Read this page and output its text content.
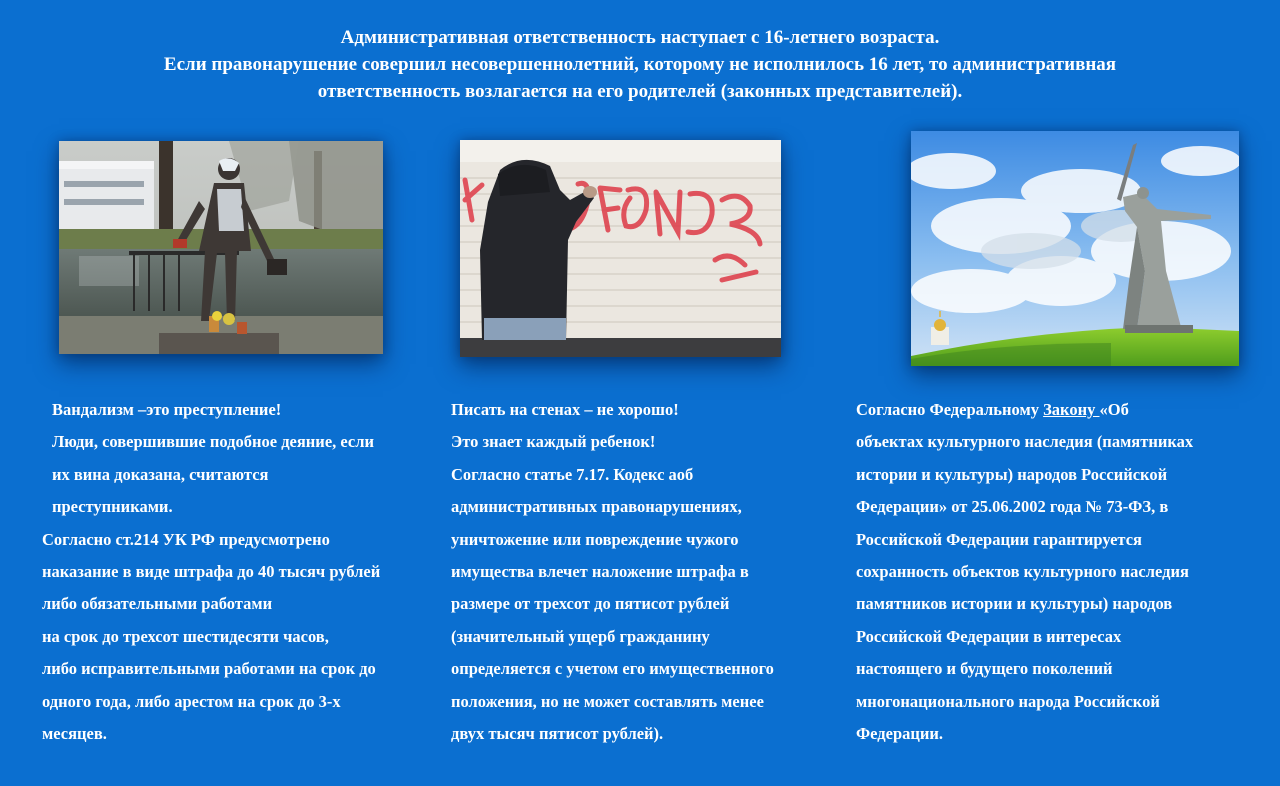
Административная ответственность наступает с 16-летнего возраста.
Если правонарушение совершил несовершеннолетний, которому не исполнилось 16 лет, то административная
ответственность возлагается на его родителей (законных представителей).
Вандализм –это преступление!
Люди, совершившие подобное деяние, если
их вина доказана, считаются
преступниками.
Согласно ст.214 УК РФ предусмотрено
наказание в виде штрафа до 40 тысяч рублей
либо обязательными работами
на срок до трехсот шестидесяти часов,
либо исправительными работами на срок до
одного года, либо арестом на срок до 3-х
месяцев.
Писать на стенах – не хорошо!
Это знает каждый ребенок!
Согласно статье 7.17. Кодекс аоб
административных правонарушениях,
уничтожение или повреждение чужого
имущества влечет наложение штрафа в
размере от трехсот до пятисот рублей
(значительный ущерб гражданину
определяется с учетом его имущественного
положения, но не может составлять менее
двух тысяч пятисот рублей).
Согласно Федеральному Закону «Об
объектах культурного наследия (памятниках
истории и культуры) народов Российской
Федерации» от 25.06.2002 года № 73-ФЗ, в
Российской Федерации гарантируется
сохранность объектов культурного наследия
памятников истории и культуры) народов
Российской Федерации в интересах
настоящего и будущего поколений
многонационального народа Российской
Федерации.
